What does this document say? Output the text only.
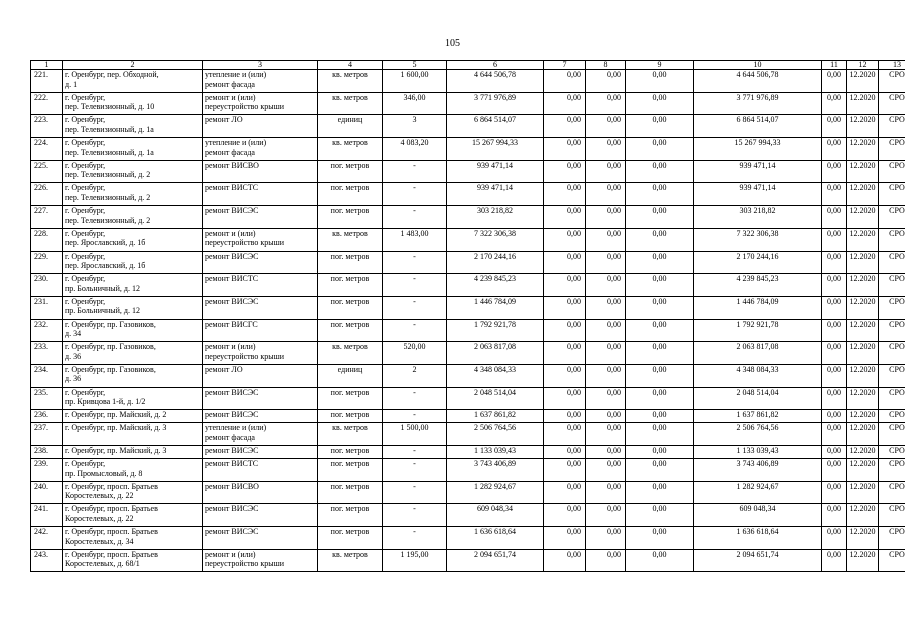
105
1	2	3	4	5	6	7	8	9	10	11	12	13
221.	г. Оренбург, пер. Обходной,
д. 1	утепление и (или)
ремонт фасада	кв. метров	1 600,00	4 644 506,78	0,00	0,00	0,00	4 644 506,78	0,00	12.2020	СРО
222.	г. Оренбург,
пер. Телевизионный, д. 10	ремонт и (или)
переустройство крыши	кв. метров	346,00	3 771 976,89	0,00	0,00	0,00	3 771 976,89	0,00	12.2020	СРО
223.	г. Оренбург,
пер. Телевизионный, д. 1а	ремонт ЛО	единиц	3	6 864 514,07	0,00	0,00	0,00	6 864 514,07	0,00	12.2020	СРО
224.	г. Оренбург,
пер. Телевизионный, д. 1а	утепление и (или)
ремонт фасада	кв. метров	4 083,20	15 267 994,33	0,00	0,00	0,00	15 267 994,33	0,00	12.2020	СРО
225.	г. Оренбург,
пер. Телевизионный, д. 2	ремонт ВИСВО	пог. метров	-	939 471,14	0,00	0,00	0,00	939 471,14	0,00	12.2020	СРО
226.	г. Оренбург,
пер. Телевизионный, д. 2	ремонт ВИСТС	пог. метров	-	939 471,14	0,00	0,00	0,00	939 471,14	0,00	12.2020	СРО
227.	г. Оренбург,
пер. Телевизионный, д. 2	ремонт ВИСЭС	пог. метров	-	303 218,82	0,00	0,00	0,00	303 218,82	0,00	12.2020	СРО
228.	г. Оренбург,
пер. Ярославский, д. 1б	ремонт и (или)
переустройство крыши	кв. метров	1 483,00	7 322 306,38	0,00	0,00	0,00	7 322 306,38	0,00	12.2020	СРО
229.	г. Оренбург,
пер. Ярославский, д. 1б	ремонт ВИСЭС	пог. метров	-	2 170 244,16	0,00	0,00	0,00	2 170 244,16	0,00	12.2020	СРО
230.	г. Оренбург,
пр. Больничный, д. 12	ремонт ВИСТС	пог. метров	-	4 239 845,23	0,00	0,00	0,00	4 239 845,23	0,00	12.2020	СРО
231.	г. Оренбург,
пр. Больничный, д. 12	ремонт ВИСЭС	пог. метров	-	1 446 784,09	0,00	0,00	0,00	1 446 784,09	0,00	12.2020	СРО
232.	г. Оренбург, пр. Газовиков,
д. 34	ремонт ВИСГС	пог. метров	-	1 792 921,78	0,00	0,00	0,00	1 792 921,78	0,00	12.2020	СРО
233.	г. Оренбург, пр. Газовиков,
д. 36	ремонт и (или)
переустройство крыши	кв. метров	520,00	2 063 817,08	0,00	0,00	0,00	2 063 817,08	0,00	12.2020	СРО
234.	г. Оренбург, пр. Газовиков,
д. 36	ремонт ЛО	единиц	2	4 348 084,33	0,00	0,00	0,00	4 348 084,33	0,00	12.2020	СРО
235.	г. Оренбург,
пр. Кривцова 1-й, д. 1/2	ремонт ВИСЭС	пог. метров	-	2 048 514,04	0,00	0,00	0,00	2 048 514,04	0,00	12.2020	СРО
236.	г. Оренбург, пр. Майский, д. 2	ремонт ВИСЭС	пог. метров	-	1 637 861,82	0,00	0,00	0,00	1 637 861,82	0,00	12.2020	СРО
237.	г. Оренбург, пр. Майский, д. 3	утепление и (или)
ремонт фасада	кв. метров	1 500,00	2 506 764,56	0,00	0,00	0,00	2 506 764,56	0,00	12.2020	СРО
238.	г. Оренбург, пр. Майский, д. 3	ремонт ВИСЭС	пог. метров	-	1 133 039,43	0,00	0,00	0,00	1 133 039,43	0,00	12.2020	СРО
239.	г. Оренбург,
пр. Промысловый, д. 8	ремонт ВИСТС	пог. метров	-	3 743 406,89	0,00	0,00	0,00	3 743 406,89	0,00	12.2020	СРО
240.	г. Оренбург, просп. Братьев
Коростелевых, д. 22	ремонт ВИСВО	пог. метров	-	1 282 924,67	0,00	0,00	0,00	1 282 924,67	0,00	12.2020	СРО
241.	г. Оренбург, просп. Братьев
Коростелевых, д. 22	ремонт ВИСЭС	пог. метров	-	609 048,34	0,00	0,00	0,00	609 048,34	0,00	12.2020	СРО
242.	г. Оренбург, просп. Братьев
Коростелевых, д. 34	ремонт ВИСЭС	пог. метров	-	1 636 618,64	0,00	0,00	0,00	1 636 618,64	0,00	12.2020	СРО
243.	г. Оренбург, просп. Братьев
Коростелевых, д. 68/1	ремонт и (или)
переустройство крыши	кв. метров	1 195,00	2 094 651,74	0,00	0,00	0,00	2 094 651,74	0,00	12.2020	СРО
